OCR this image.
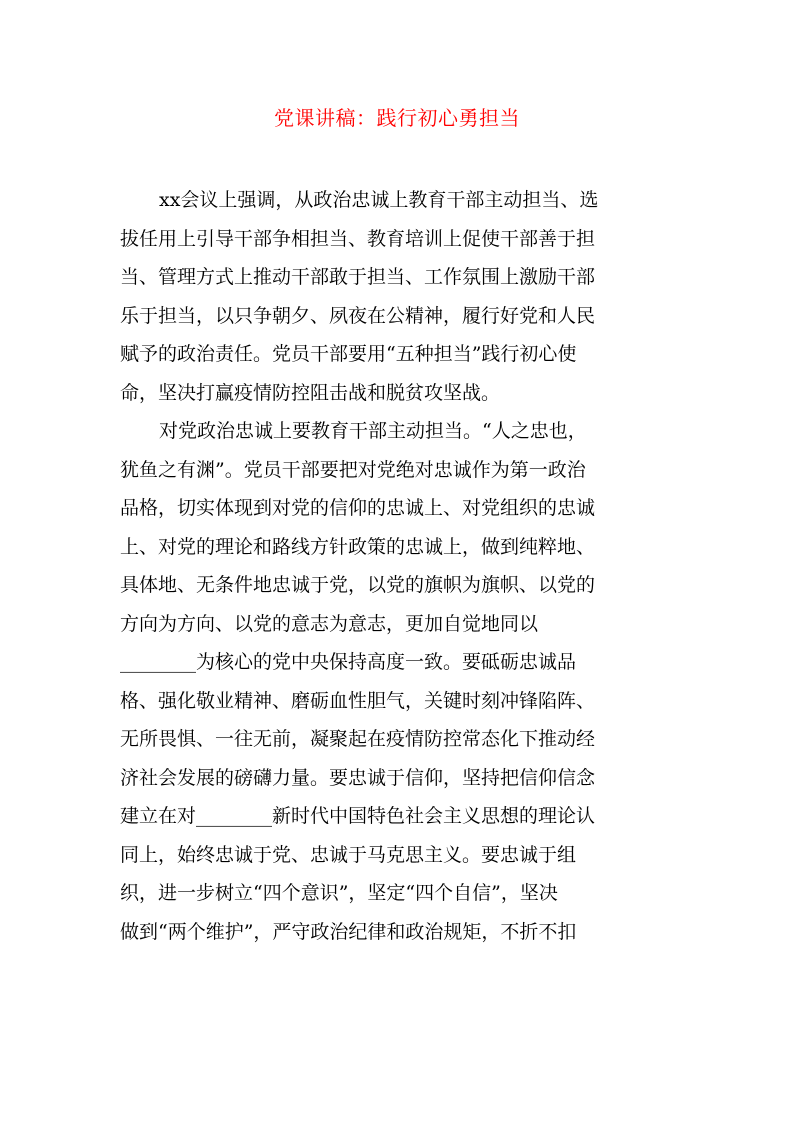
党课讲稿：践行初心勇担当

xx会议上强调，从政治忠诚上教育干部主动担当、选
拔任用上引导干部争相担当、教育培训上促使干部善于担
当、管理方式上推动干部敢于担当、工作氛围上激励干部
乐于担当，以只争朝夕、夙夜在公精神，履行好党和人民
赋予的政治责任。党员干部要用“五种担当”践行初心使
命，坚决打赢疫情防控阻击战和脱贫攻坚战。

对党政治忠诚上要教育干部主动担当。“人之忠也，
犹鱼之有渊”。党员干部要把对党绝对忠诚作为第一政治
品格，切实体现到对党的信仰的忠诚上、对党组织的忠诚
上、对党的理论和路线方针政策的忠诚上，做到纯粹地、
具体地、无条件地忠诚于党，以党的旗帜为旗帜、以党的
方向为方向、以党的意志为意志，更加自觉地同以
________为核心的党中央保持高度一致。要砥砺忠诚品
格、强化敬业精神、磨砺血性胆气，关键时刻冲锋陷阵、
无所畏惧、一往无前，凝聚起在疫情防控常态化下推动经
济社会发展的磅礴力量。要忠诚于信仰，坚持把信仰信念
建立在对________新时代中国特色社会主义思想的理论认
同上，始终忠诚于党、忠诚于马克思主义。要忠诚于组
织，进一步树立“四个意识”，坚定“四个自信”，坚决
做到“两个维护”，严守政治纪律和政治规矩，不折不扣
